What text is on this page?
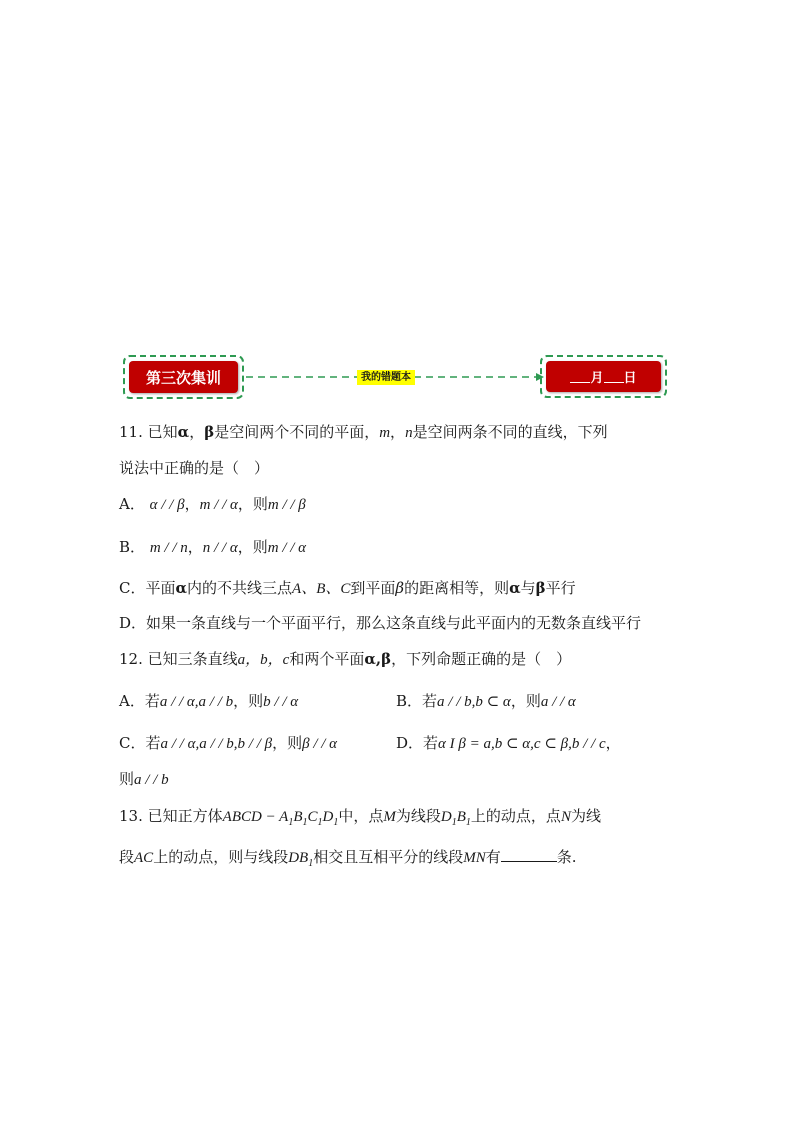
第三次集训	我的错题本	月 日
11. 已知α，β是空间两个不同的平面，m，n是空间两条不同的直线，下列
说法中正确的是（　）
A． α / / β，m / / α，则m / / β
B． m / / n，n / / α，则m / / α
C．平面α内的不共线三点A、B、C到平面β的距离相等，则α与β平行
D．如果一条直线与一个平面平行，那么这条直线与此平面内的无数条直线平行
12. 已知三条直线a，b，c和两个平面α,β，下列命题正确的是（　）
A．若a / / α,a / / b，则b / / α	B．若a / / b,b ⊂ α，则a / / α
C．若a / / α,a / / b,b / / β，则β / / α	D．若α I β = a,b ⊂ α,c ⊂ β,b / / c，
则a / / b
13. 已知正方体ABCD − $A_1B_1C_1D_1$中，点M为线段$D_1B_1$上的动点，点N为线
段AC上的动点，则与线段$DB_1$相交且互相平分的线段MN有	条.
